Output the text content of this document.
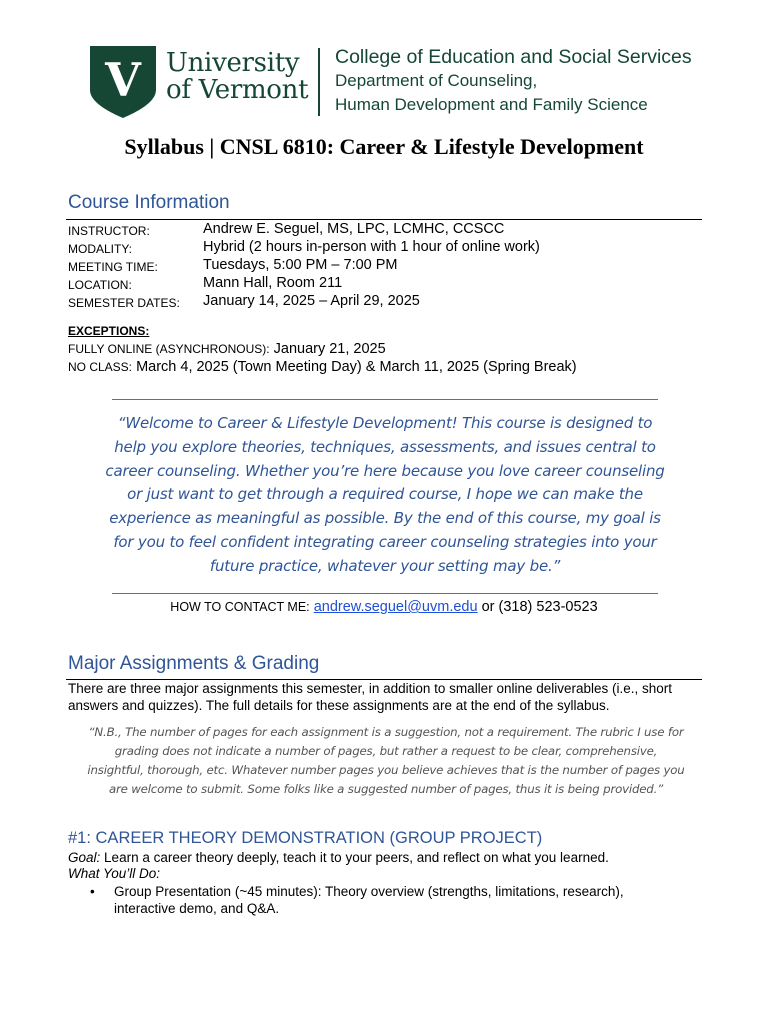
V University
of Vermont
College of Education and Social Services
Department of Counseling,
Human Development and Family Science
Syllabus | CNSL 6810: Career & Lifestyle Development
Course Information
INSTRUCTOR:	Andrew E. Seguel, MS, LPC, LCMHC, CCSCC
MODALITY:	Hybrid (2 hours in-person with 1 hour of online work)
MEETING TIME:	Tuesdays, 5:00 PM – 7:00 PM
LOCATION:	Mann Hall, Room 211
SEMESTER DATES: January 14, 2025 – April 29, 2025
EXCEPTIONS:
FULLY ONLINE (ASYNCHRONOUS): January 21, 2025
NO CLASS: March 4, 2025 (Town Meeting Day) & March 11, 2025 (Spring Break)
“Welcome to Career & Lifestyle Development! This course is designed to help you explore theories, techniques, assessments, and issues central to career counseling. Whether you’re here because you love career counseling or just want to get through a required course, I hope we can make the experience as meaningful as possible. By the end of this course, my goal is for you to feel confident integrating career counseling strategies into your future practice, whatever your setting may be.”
HOW TO CONTACT ME: andrew.seguel@uvm.edu or (318) 523-0523
Major Assignments & Grading
There are three major assignments this semester, in addition to smaller online deliverables (i.e., short answers and quizzes). The full details for these assignments are at the end of the syllabus.
“N.B., The number of pages for each assignment is a suggestion, not a requirement. The rubric I use for grading does not indicate a number of pages, but rather a request to be clear, comprehensive, insightful, thorough, etc. Whatever number pages you believe achieves that is the number of pages you are welcome to submit. Some folks like a suggested number of pages, thus it is being provided.”
#1: CAREER THEORY DEMONSTRATION (GROUP PROJECT)
Goal: Learn a career theory deeply, teach it to your peers, and reflect on what you learned.
What You’ll Do:
• Group Presentation (~45 minutes): Theory overview (strengths, limitations, research), interactive demo, and Q&A.
